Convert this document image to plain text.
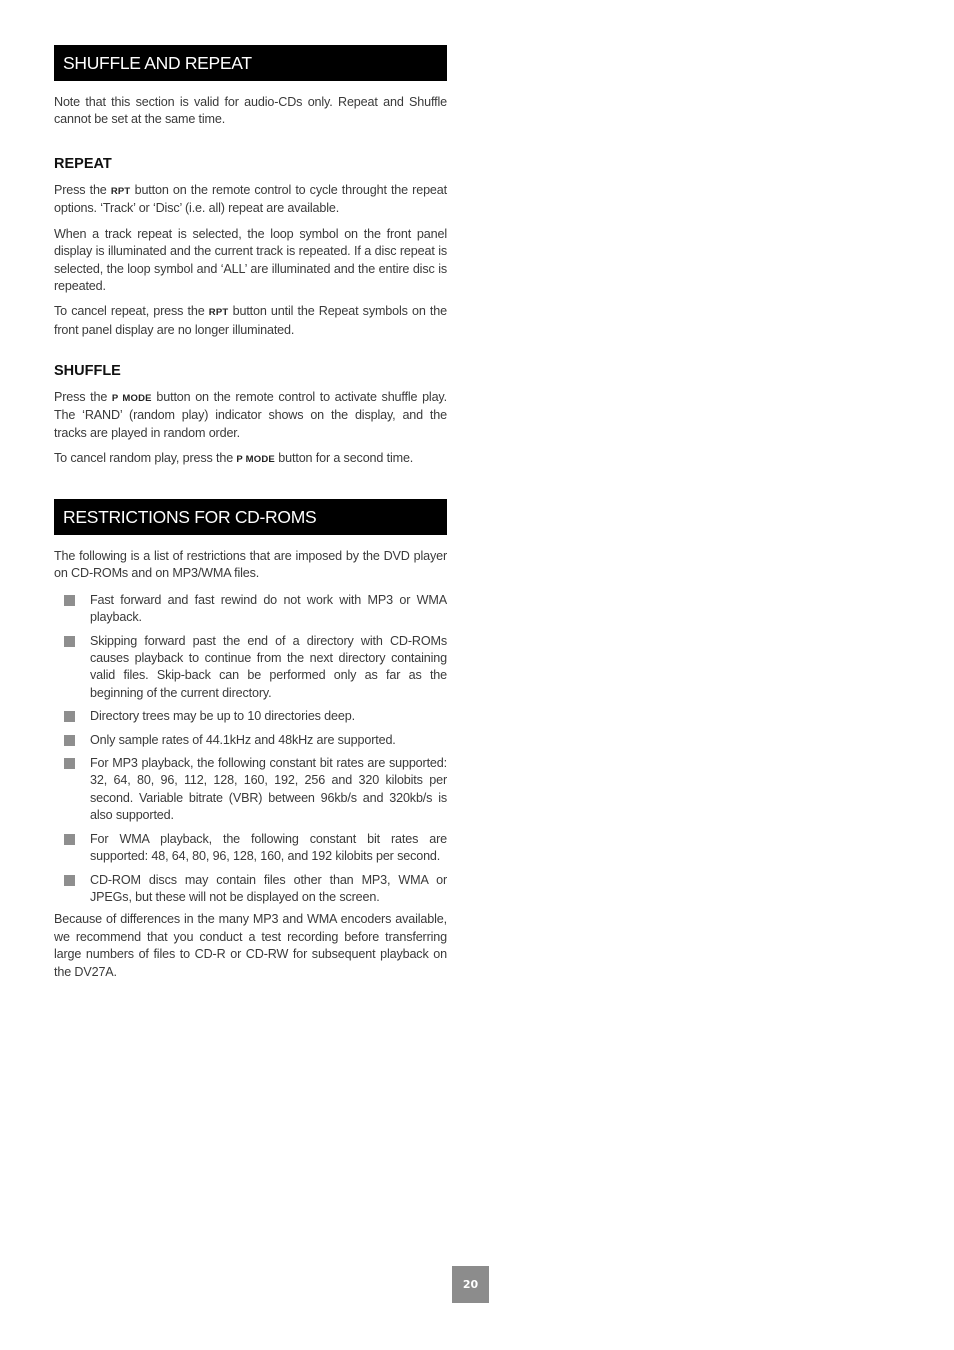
SHUFFLE AND REPEAT

Note that this section is valid for audio-CDs only. Repeat and Shuffle cannot be set at the same time.

REPEAT

Press the RPT button on the remote control to cycle throught the repeat options. ‘Track’ or ‘Disc’ (i.e. all) repeat are available.

When a track repeat is selected, the loop symbol on the front panel display is illuminated and the current track is repeated. If a disc repeat is selected, the loop symbol and ‘ALL’ are illuminated and the entire disc is repeated.

To cancel repeat, press the RPT button until the Repeat symbols on the front panel display are no longer illuminated.

SHUFFLE

Press the P MODE button on the remote control to activate shuffle play. The ‘RAND’ (random play) indicator shows on the display, and the tracks are played in random order.

To cancel random play, press the P MODE button for a second time.

RESTRICTIONS FOR CD-ROMS

The following is a list of restrictions that are imposed by the DVD player on CD-ROMs and on MP3/WMA files.

Fast forward and fast rewind do not work with MP3 or WMA playback.

Skipping forward past the end of a directory with CD-ROMs causes playback to continue from the next directory containing valid files. Skip-back can be performed only as far as the beginning of the current directory.

Directory trees may be up to 10 directories deep.

Only sample rates of 44.1kHz and 48kHz are supported.

For MP3 playback, the following constant bit rates are supported: 32, 64, 80, 96, 112, 128, 160, 192, 256 and 320 kilobits per second. Variable bitrate (VBR) between 96kb/s and 320kb/s is also supported.

For WMA playback, the following constant bit rates are supported: 48, 64, 80, 96, 128, 160, and 192 kilobits per second.

CD-ROM discs may contain files other than MP3, WMA or JPEGs, but these will not be displayed on the screen.

Because of differences in the many MP3 and WMA encoders available, we recommend that you conduct a test recording before transferring large numbers of files to CD-R or CD-RW for subsequent playback on the DV27A.

20
